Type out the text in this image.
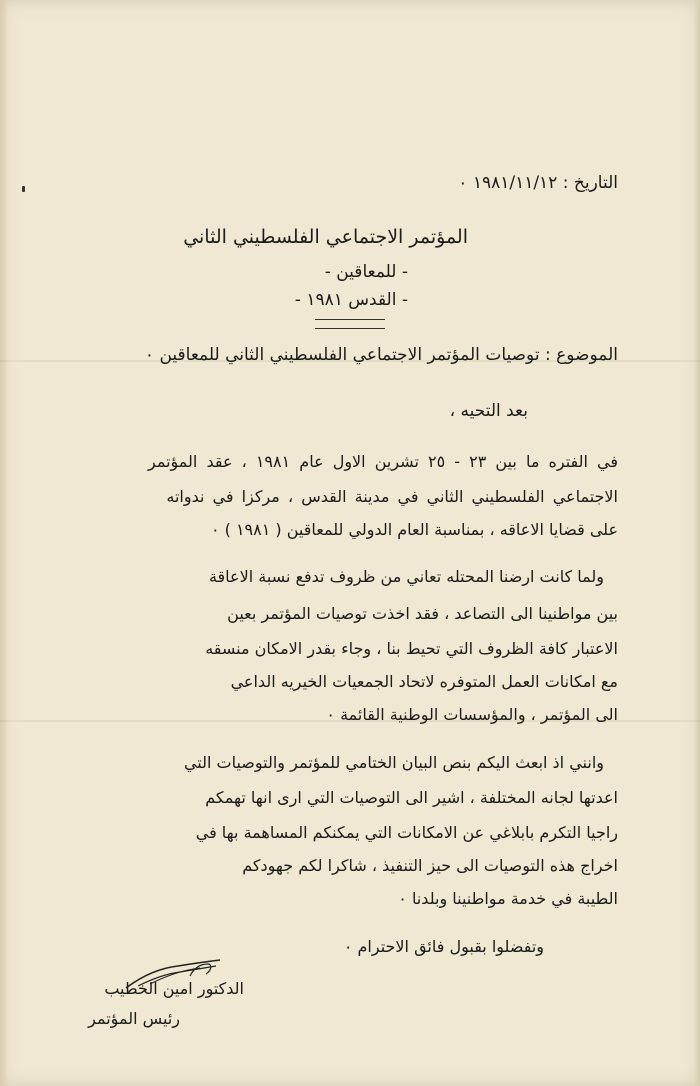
التاريخ : ١٩٨١/١١/١٢ ٠
المؤتمر الاجتماعي الفلسطيني الثاني
- للمعاقين -
- القدس ١٩٨١ -
الموضوع : توصيات المؤتمر الاجتماعي الفلسطيني الثاني للمعاقين ٠
بعد التحيه ،
في الفتره ما بين ٢٣ - ٢٥ تشرين الاول عام ١٩٨١ ، عقد المؤتمر
الاجتماعي الفلسطيني الثاني في مدينة القدس ، مركزا في ندواته
على قضايا الاعاقه ، بمناسبة العام الدولي للمعاقين ( ١٩٨١ ) ٠
ولما كانت ارضنا المحتله تعاني من ظروف تدفع نسبة الاعاقة
بين مواطنينا الى التصاعد ، فقد اخذت توصيات المؤتمر بعين
الاعتبار كافة الظروف التي تحيط بنا ، وجاء بقدر الامكان منسقه
مع امكانات العمل المتوفره لاتحاد الجمعيات الخيريه الداعي
الى المؤتمر ، والمؤسسات الوطنية القائمة ٠
وانني اذ ابعث اليكم بنص البيان الختامي للمؤتمر والتوصيات التي
اعدتها لجانه المختلفة ، اشير الى التوصيات التي ارى انها تهمكم
راجيا التكرم بابلاغي عن الامكانات التي يمكنكم المساهمة بها في
اخراج هذه التوصيات الى حيز التنفيذ ، شاكرا لكم جهودكم
الطيبة في خدمة مواطنينا وبلدنا ٠
وتفضلوا بقبول فائق الاحترام ٠
الدكتور امين الخطيب
رئيس المؤتمر
